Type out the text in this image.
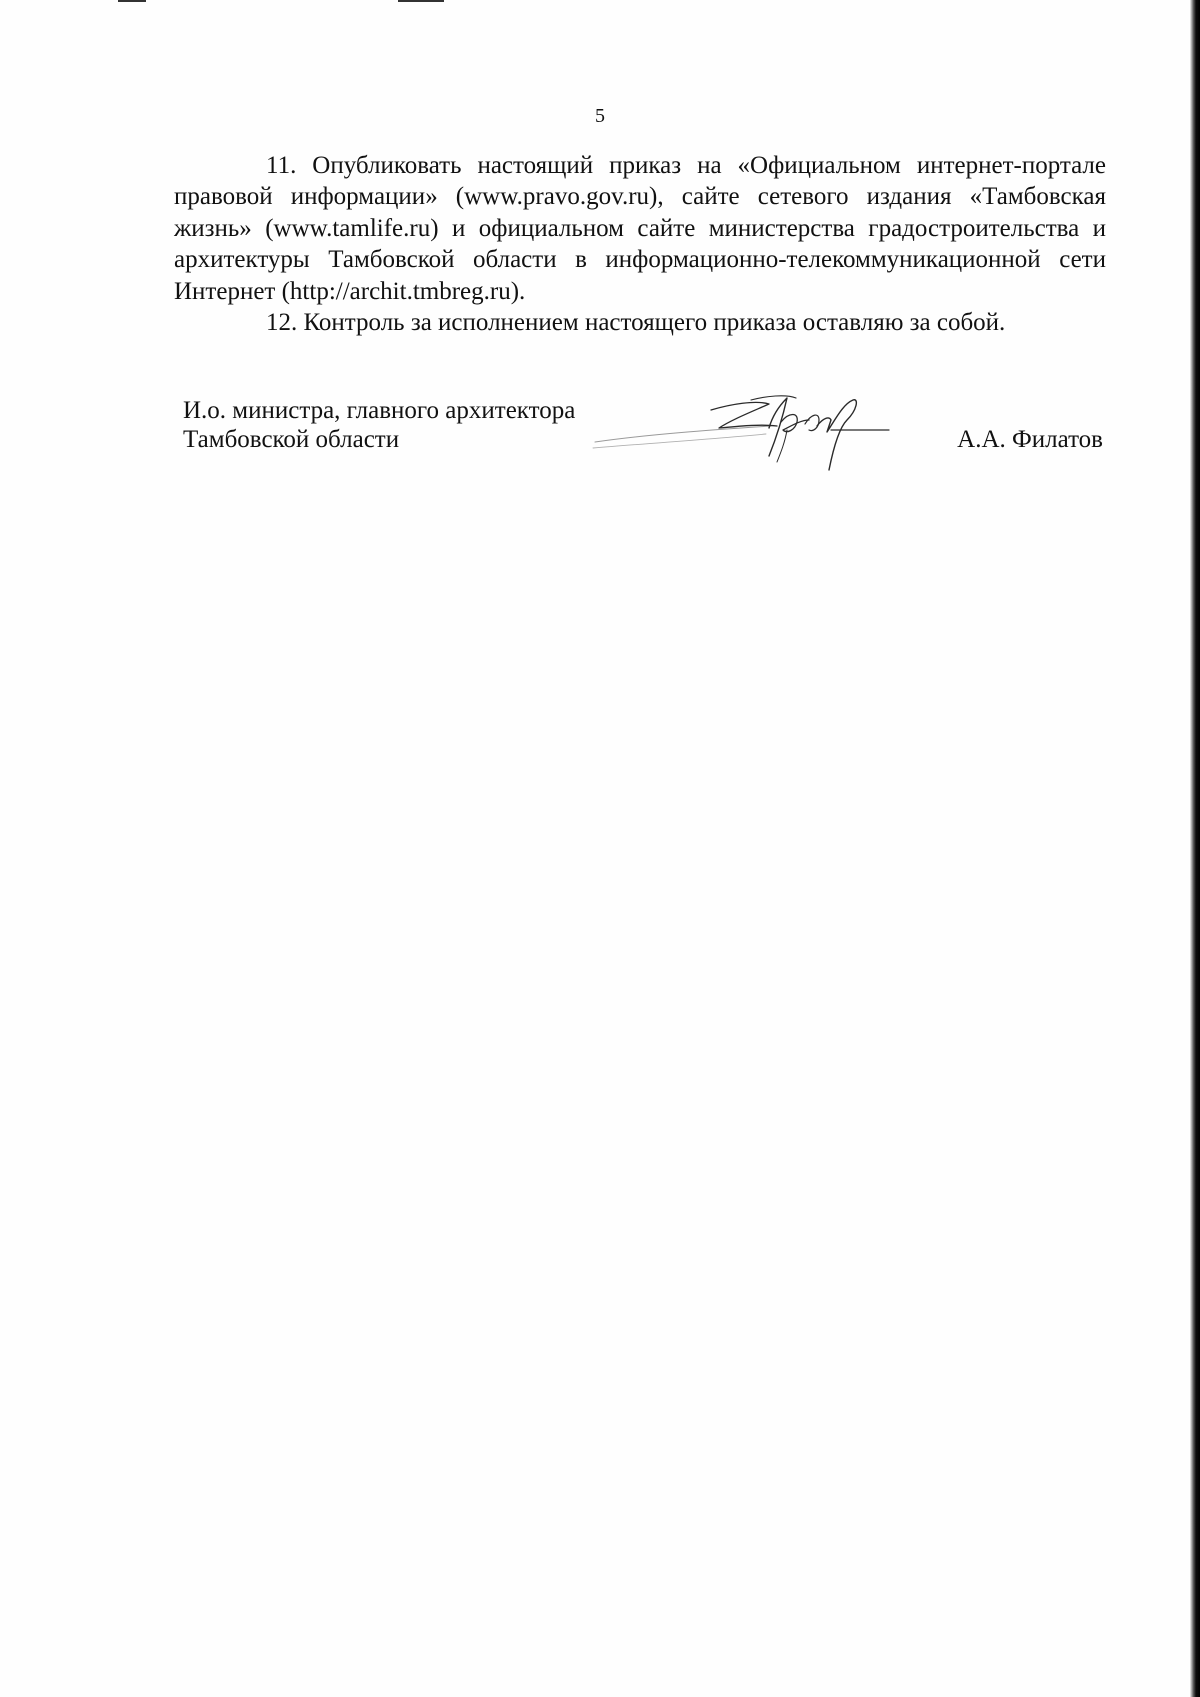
5

11. Опубликовать настоящий приказ на «Официальном интернет-портале правовой информации» (www.pravo.gov.ru), сайте сетевого издания «Тамбовская жизнь» (www.tamlife.ru) и официальном сайте министерства градостроительства и архитектуры Тамбовской области в информационно-телекоммуникационной сети Интернет (http://archit.tmbreg.ru).

12. Контроль за исполнением настоящего приказа оставляю за собой.

И.о. министра, главного архитектора
Тамбовской области	А.А. Филатов
